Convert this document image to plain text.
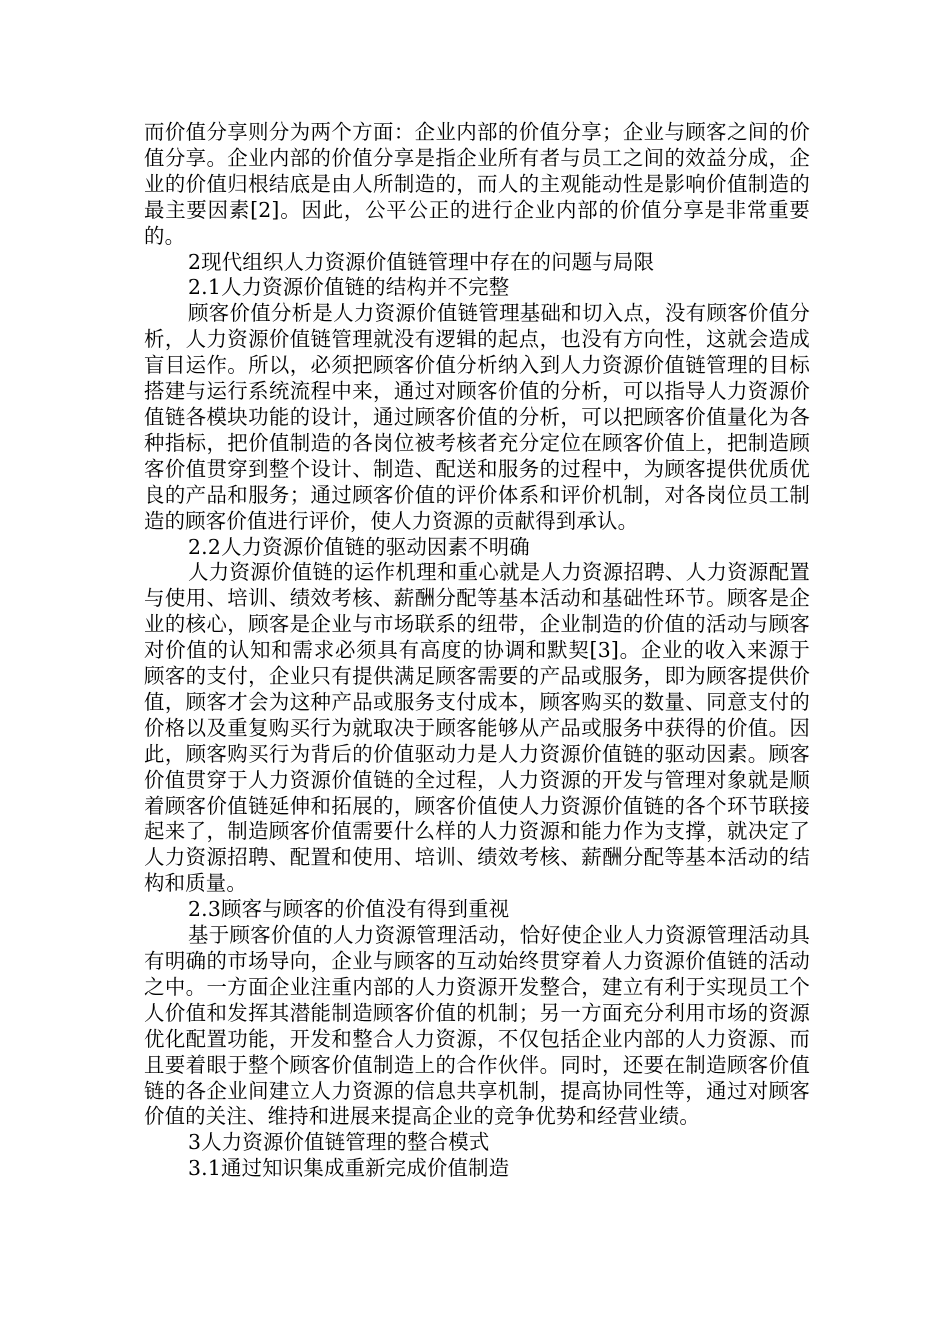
而价值分享则分为两个方面：企业内部的价值分享；企业与顾客之间的价值分享。企业内部的价值分享是指企业所有者与员工之间的效益分成，企业的价值归根结底是由人所制造的，而人的主观能动性是影响价值制造的最主要因素[2]。因此，公平公正的进行企业内部的价值分享是非常重要的。

2现代组织人力资源价值链管理中存在的问题与局限

2.1人力资源价值链的结构并不完整

顾客价值分析是人力资源价值链管理基础和切入点，没有顾客价值分析，人力资源价值链管理就没有逻辑的起点，也没有方向性，这就会造成盲目运作。所以，必须把顾客价值分析纳入到人力资源价值链管理的目标搭建与运行系统流程中来，通过对顾客价值的分析，可以指导人力资源价值链各模块功能的设计，通过顾客价值的分析，可以把顾客价值量化为各种指标，把价值制造的各岗位被考核者充分定位在顾客价值上，把制造顾客价值贯穿到整个设计、制造、配送和服务的过程中，为顾客提供优质优良的产品和服务；通过顾客价值的评价体系和评价机制，对各岗位员工制造的顾客价值进行评价，使人力资源的贡献得到承认。

2.2人力资源价值链的驱动因素不明确

人力资源价值链的运作机理和重心就是人力资源招聘、人力资源配置与使用、培训、绩效考核、薪酬分配等基本活动和基础性环节。顾客是企业的核心，顾客是企业与市场联系的纽带，企业制造的价值的活动与顾客对价值的认知和需求必须具有高度的协调和默契[3]。企业的收入来源于顾客的支付，企业只有提供满足顾客需要的产品或服务，即为顾客提供价值，顾客才会为这种产品或服务支付成本，顾客购买的数量、同意支付的价格以及重复购买行为就取决于顾客能够从产品或服务中获得的价值。因此，顾客购买行为背后的价值驱动力是人力资源价值链的驱动因素。顾客价值贯穿于人力资源价值链的全过程，人力资源的开发与管理对象就是顺着顾客价值链延伸和拓展的，顾客价值使人力资源价值链的各个环节联接起来了，制造顾客价值需要什么样的人力资源和能力作为支撑，就决定了人力资源招聘、配置和使用、培训、绩效考核、薪酬分配等基本活动的结构和质量。

2.3顾客与顾客的价值没有得到重视

基于顾客价值的人力资源管理活动，恰好使企业人力资源管理活动具有明确的市场导向，企业与顾客的互动始终贯穿着人力资源价值链的活动之中。一方面企业注重内部的人力资源开发整合，建立有利于实现员工个人价值和发挥其潜能制造顾客价值的机制；另一方面充分利用市场的资源优化配置功能，开发和整合人力资源，不仅包括企业内部的人力资源、而且要着眼于整个顾客价值制造上的合作伙伴。同时，还要在制造顾客价值链的各企业间建立人力资源的信息共享机制，提高协同性等，通过对顾客价值的关注、维持和进展来提高企业的竞争优势和经营业绩。

3人力资源价值链管理的整合模式

3.1通过知识集成重新完成价值制造
